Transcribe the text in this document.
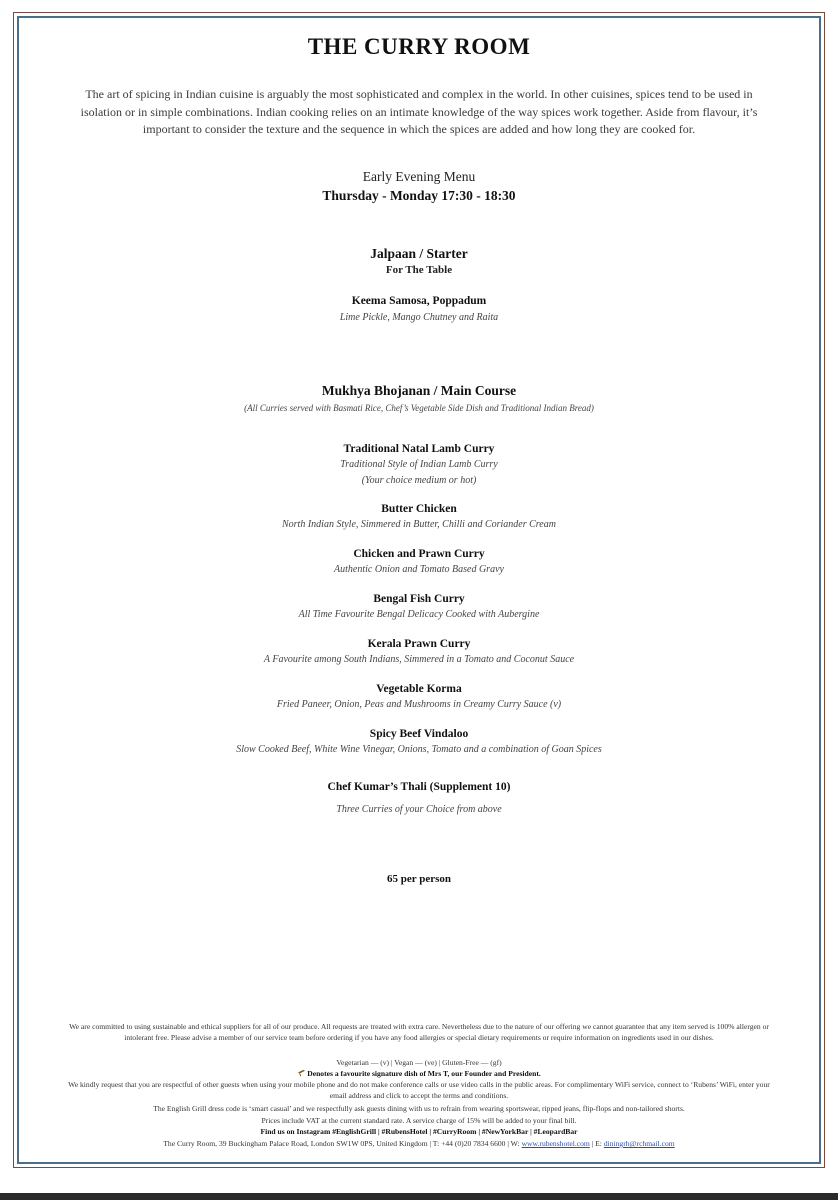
THE CURRY ROOM

The art of spicing in Indian cuisine is arguably the most sophisticated and complex in the world. In other cuisines, spices tend to be used in isolation or in simple combinations. Indian cooking relies on an intimate knowledge of the way spices work together. Aside from flavour, it’s important to consider the texture and the sequence in which the spices are added and how long they are cooked for.

Early Evening Menu
Thursday - Monday 17:30 - 18:30
Jalpaan / Starter
For The Table
Keema Samosa, Poppadum
Lime Pickle, Mango Chutney and Raita
Mukhya Bhojanan / Main Course
(All Curries served with Basmati Rice, Chef’s Vegetable Side Dish and Traditional Indian Bread)
Traditional Natal Lamb Curry
Traditional Style of Indian Lamb Curry
(Your choice medium or hot)
Butter Chicken
North Indian Style, Simmered in Butter, Chilli and Coriander Cream
Chicken and Prawn Curry
Authentic Onion and Tomato Based Gravy
Bengal Fish Curry
All Time Favourite Bengal Delicacy Cooked with Aubergine
Kerala Prawn Curry
A Favourite among South Indians, Simmered in a Tomato and Coconut Sauce
Vegetable Korma
Fried Paneer, Onion, Peas and Mushrooms in Creamy Curry Sauce (v)
Spicy Beef Vindaloo
Slow Cooked Beef, White Wine Vinegar, Onions, Tomato and a combination of Goan Spices
Chef Kumar’s Thali (Supplement 10)
Three Curries of your Choice from above
65 per person
We are committed to using sustainable and ethical suppliers for all of our produce. All requests are treated with extra care. Nevertheless due to the nature of our offering we cannot guarantee that any item served is 100% allergen or intolerant free. Please advise a member of our service team before ordering if you have any food allergies or special dietary requirements or require information on ingredients used in our dishes.
Vegetarian — (v) | Vegan — (ve) | Gluten-Free — (gf)
Denotes a favourite signature dish of Mrs T, our Founder and President.
We kindly request that you are respectful of other guests when using your mobile phone and do not make conference calls or use video calls in the public areas. For complimentary WiFi service, connect to ‘Rubens’ WiFi, enter your email address and click to accept the terms and conditions.
The English Grill dress code is ‘smart casual’ and we respectfully ask guests dining with us to refrain from wearing sportswear, ripped jeans, flip-flops and non-tailored shorts.
Prices include VAT at the current standard rate. A service charge of 15% will be added to your final bill.
Find us on Instagram #EnglishGrill | #RubensHotel | #CurryRoom | #NewYorkBar | #LeopardBar
The Curry Room, 39 Buckingham Palace Road, London SW1W 0PS, United Kingdom | T: +44 (0)20 7834 6600 | W: www.rubenshotel.com | E: diningrh@rchmail.com
